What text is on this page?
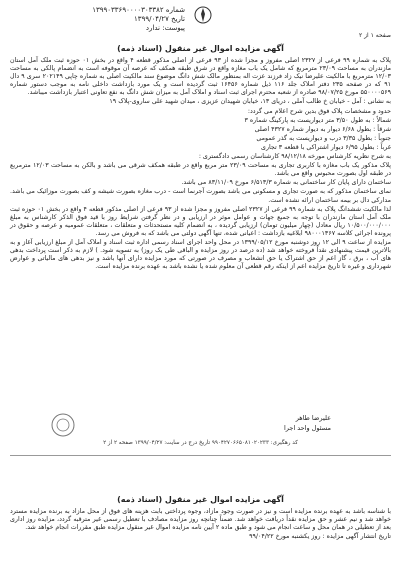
شماره ۱۳۹۹۰۳۳۶۹۰۰۰۰۳۰۳۳۸۲
تاریخ ۱۳۹۹/۰۴/۲۷
پیوست: ندارد
صفحه ۱ از ۲
آگهی مزایده اموال غیر منقول (اسناد ذمه)

پلاک به شماره ۹۹ فرعی از ۲۳۲۷ اصلی مفروز و مجزا شده از ۹۳ فرعی از اصلی مذکور قطعه ۴ واقع در بخش ۰۱ حوزه ثبت ملک آمل استان مازندران به مساحت ۲۳/۰۹ مترمربع که شامل یک باب مغازه واقع در شرق طبقه همکف که عرصه آن موقوفه است به انضمام پالکی به مساحت ۱۲/۰۳ مترمربع با مالکیت علیرضا نیک زاد فرزند عزت اله بمنظور مالک شش دانگ موضوع سند مالکیت اصلی به شماره چاپی ۲۰۲۱۴۹ سری ۹ دال ۹۱ که در صفحه ۲۳۵ دفتر املاک جلد ۱۱۶ ذیل شماره ۱۶۴۵۶ ثبت گردیده است و یک مورد بازداشت داخلی نامه به موجب دستور شماره ۵۵۰۰۰۰۵۶۹ مورخ ۹۸/۰۷/۲۵ صادره از شعبه محترم اجرای ثبت اسناد و املاک آمل به میزان شش دانگ به نفع تعاونی اعتبار بازداشت میباشد.

به نشانی : آمل - خیابان خ طالب آملی ، دریای ۱۳، خیابان شهیدان عزیزی ، میدان شهید علی ساروی-پلاک ۱۹

حدود و مشخصات پلاک فوق بدین شرح اعلام می گردد:

شمالاً : به طول ۳/۵۰ متر دیواریست به پارکینگ شماره ۳

شرقاً : بطول ۶/۶۸ دیوار به دیوار شماره ۴۳۲۷ اصلی

جنوباً : بطول ۳/۳۵ درب و دیواریست به گذر عمومی

غرباً : بطول ۶/۹۵ دیوار اشتراکی با قطعه ۳ تجاری

به شرح نظریه کارشناس مورخه ۹۸/۱۲/۱۸ کارشناسان رسمی دادگستری :

پلاک مذکور یک باب مغازه با کاربری تجاری به مساحت ۲۳/۰۹ متر مربع واقع در طبقه همکف شرقی می باشد و بالکن به مساحت ۱۲/۰۳ مترمربع در طبقه اول بصورت محبوس واقع می باشد.

ساختمان دارای پایان کار ساختمانی به شماره ۶/۵۱۳/۳ مورخ ۸۳/۱۱/۰۹ می باشد.

نمای ساختمان مذکور که به صورت تجاری و مسکونی می باشد بصورت آجرنما است - درب مغازه بصورت شیشه و کف بصورت موزائیک می باشد. مدارکی دال بر بیمه ساختمان ارائه نشده است.

لذا مالکیت ششدانگ پلاک به شماره ۹۹ فرعی از ۲۳۲۷ اصلی مفروز و مجزا شده از ۹۳ فرعی از اصلی مذکور قطعه ۴ واقع در بخش ۰۱ حوزه ثبت ملک آمل استان مازندران با توجه به جمیع جهات و عوامل موثر در ارزیابی و در نظر گرفتن شرایط روز با قید فوق الذکر کارشناس به مبلغ ۱۰/۵۰۰/۰۰۰/۰۰۰ ریال معادل (چهار میلیون تومان) ارزیابی گردیده ، به انضمام کلیه مستحدثات و متعلقات ، متعلقات عمومیه و عرصه و حقوق در پرونده اجرائی کلاسه ۹۸۰۰۰۱۳۶۷ ابلاغیه بازداشت : اعیانی شده، تنها آگهی دولتی می باشد که به فروش می رسد.

مزایده از ساعت ۹ الی ۱۲ روز دوشنبه مورخ ۱۳۹۹/۰۵/۱۲ در محل واحد اجرای اسناد رسمی اداره ثبت اسناد و املاک آمل از مبلغ ارزیابی آغاز و به بالاترین قیمت پیشنهادی نقداً فروخته خواهد شد (ده درصد در روز مزایده و الباقی طی یک روز) به تسویه شود. ) لازم به ذکر است پرداخت بدهی های آب ، برق ، گاز اعم از حق اشتراک یا حق انشعاب و مصرف در صورتی که مورد مزایده دارای آنها باشد و نیز بدهی های مالیاتی و عوارض شهرداری و غیره تا تاریخ مزایده اعم از اینکه رقم قطعی آن معلوم شده یا نشده باشد به عهده برنده مزایده است.

علیرضا طاهر
مسئول واحد اجرا
کد رهگیری: ۹۹۰۴۲۷۰۶۶۵۰۸۱۰۲۰۲۳۳ تاریخ درج در سایت: ۱۳۹۹/۰۴/۲۷ صفحه ۲ از ۲
آگهی مزایده اموال غیر منقول (اسناد ذمه)

با شناسه باشد به عهده برنده مزایده است و نیز در صورت وجود مازاد، وجوه پرداختی بابت هزینه های فوق از محل مازاد به برنده مزایده مسترد خواهد شد و نیم عشر و حق مزایده نقداً دریافت خواهد شد. ضمناً چنانچه روز مزایده مصادف با تعطیل رسمی غیر مترقبه گردد، مزایده روز اداری بعد از تعطیلی در همان محل و ساعت انجام می شود و طبق ماده ۲ آیین نامه مزایده اموال غیر منقول مزایده طبق مقررات انجام خواهد شد.

تاریخ انتشار آگهی مزایده : روز یکشنبه مورخ ۹۹/۰۴/۲۲
